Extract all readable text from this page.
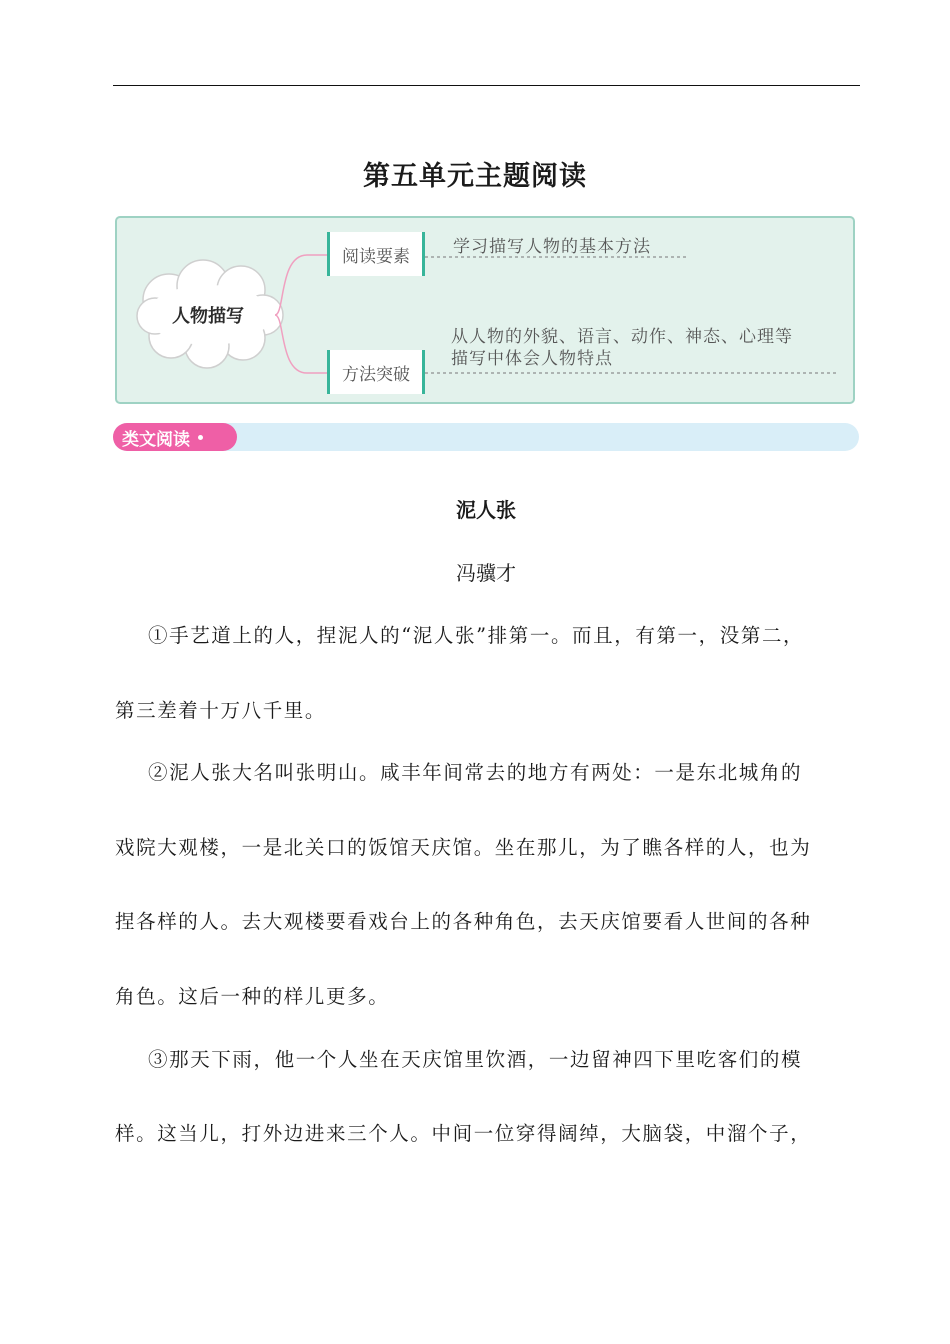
第五单元主题阅读
人物描写
阅读要素
方法突破
学习描写人物的基本方法
从人物的外貌、语言、动作、神态、心理等
描写中体会人物特点
类文阅读
泥人张
冯骥才
①手艺道上的人，捏泥人的“泥人张”排第一。而且，有第一，没第二，
第三差着十万八千里。
②泥人张大名叫张明山。咸丰年间常去的地方有两处：一是东北城角的
戏院大观楼，一是北关口的饭馆天庆馆。坐在那儿，为了瞧各样的人，也为
捏各样的人。去大观楼要看戏台上的各种角色，去天庆馆要看人世间的各种
角色。这后一种的样儿更多。
③那天下雨，他一个人坐在天庆馆里饮酒，一边留神四下里吃客们的模
样。这当儿，打外边进来三个人。中间一位穿得阔绰，大脑袋，中溜个子，
